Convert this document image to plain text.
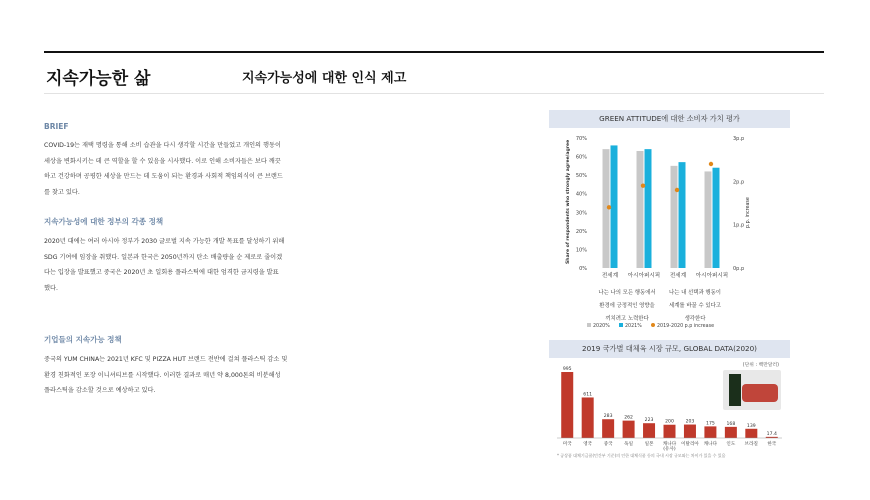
지속가능한 삶	지속가능성에 대한 인식 제고
BRIEF
COVID-19는 재택 명령을 통해 소비 습관을 다시 생각할 시간을 만들었고 개인의 행동이
세상을 변화시키는 데 큰 역할을 할 수 있음을 시사했다. 이로 인해 소비자들은 보다 깨끗
하고 건강하며 공평한 세상을 만드는 데 도움이 되는 환경과 사회적 책임의식이 큰 브랜드
를 찾고 있다.
지속가능성에 대한 정부의 각종 정책
2020년 대에는 여러 아시아 정부가 2030 글로벌 지속 가능한 개발 목표를 달성하기 위해
SDG 기여에 임장을 취했다. 일본과 한국은 2050년까지 탄소 배출량을 순 제로로 줄이겠
다는 입장을 발표했고 중국은 2020년 초 일회용 플라스틱에 대한 엄격한 금지령을 발표
했다.
기업들의 지속가능 정책
중국의 YUM CHINA는 2021년 KFC 및 PIZZA HUT 브랜드 전반에 걸쳐 플라스틱 감소 및
환경 친화적인 포장 이니셔티브를 시작했다. 이러한 결과로 매년 약 8,000톤의 비분해성
플라스틱을 감소할 것으로 예상하고 있다.
GREEN ATTITUDE에 대한 소비자 가치 평가
0%
10%
20%
30%
40%
50%
60%
70%
0p.p
1p.p
2p.p
3p.p
Share of respondents who strongly agree/agree	p.p. increase
전세계 아시아퍼시픽 전세계 아시아퍼시픽
나는 나의 모든 행동에서
환경에 긍정적인 영향을
끼치려고 노력한다
나는 내 선택과 행동이
세계를 바꿀 수 있다고
생각한다
2020%	2021%	2019-2020 p.p increase
2019 국가별 대체육 시장 규모, GLOBAL DATA(2020)
(단위 : 백만달러)
995
미국
611
영국
283
중국
262
독일
223
일본
200
캐나다
(유사)
203
이탈리아
175
캐나다
168
인도
139
브라질
17.4
한국
* 공상품 대체기금품(민간부 기준)의 인한 대체식품 등의 국내 시장 규모와는 차이가 있을 수 있음
